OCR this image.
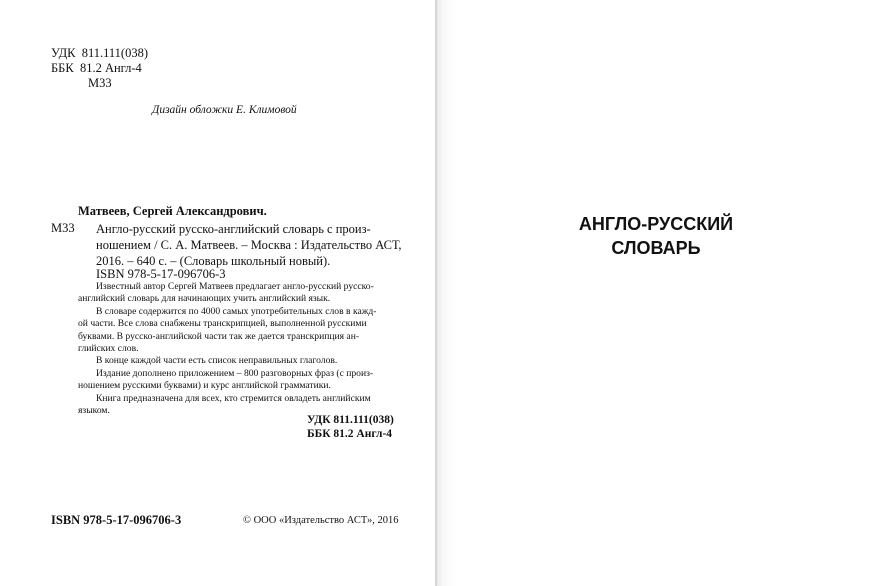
УДК 811.111(038)
ББК 81.2 Англ-4
М33
Дизайн обложки Е. Климовой
Матвеев, Сергей Александрович.
М33 Англо-русский русско-английский словарь с произ-
ношением / С. А. Матвеев. – Москва : Издательство АСТ,
2016. – 640 с. – (Словарь школьный новый).
ISBN 978-5-17-096706-3
Известный автор Сергей Матвеев предлагает англо-русский русско-
английский словарь для начинающих учить английский язык.
В словаре содержится по 4000 самых употребительных слов в кажд-
ой части. Все слова снабжены транскрипцией, выполненной русскими
буквами. В русско-английской части так же дается транскрипция ан-
глийских слов.
В конце каждой части есть список неправильных глаголов.
Издание дополнено приложением – 800 разговорных фраз (с произ-
ношением русскими буквами) и курс английской грамматики.
Книга предназначена для всех, кто стремится овладеть английским
языком.
УДК 811.111(038)
ББК 81.2 Англ-4
ISBN 978-5-17-096706-3	© ООО «Издательство АСТ», 2016
АНГЛО-РУССКИЙ
СЛОВАРЬ
